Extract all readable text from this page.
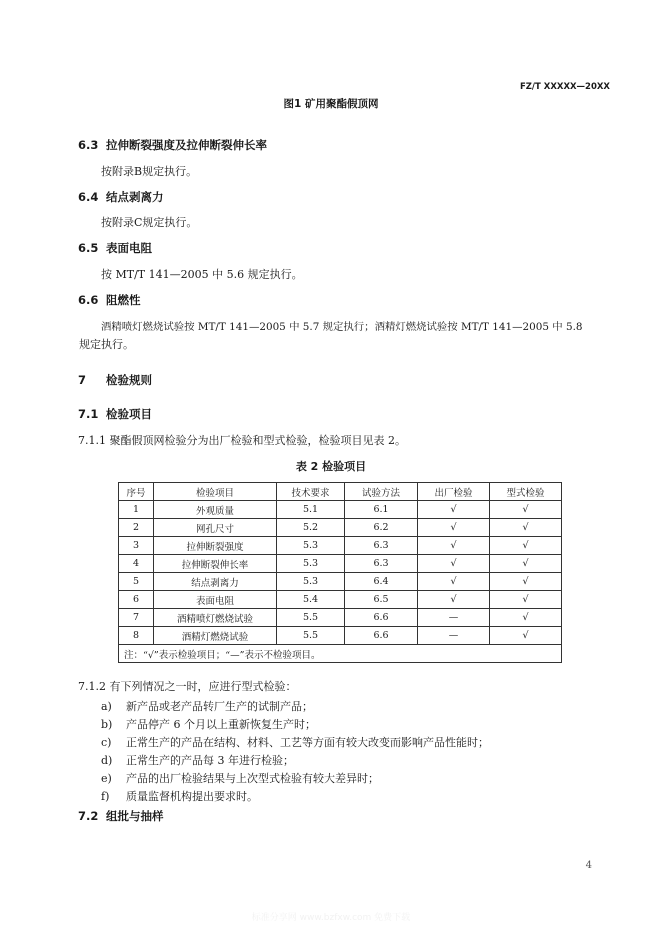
FZ/T XXXXX—20XX
图1 矿用聚酯假顶网
6.3 拉伸断裂强度及拉伸断裂伸长率
按附录B规定执行。
6.4 结点剥离力
按附录C规定执行。
6.5 表面电阻
按 MT/T 141—2005 中 5.6 规定执行。
6.6 阻燃性
酒精喷灯燃烧试验按 MT/T 141—2005 中 5.7 规定执行；酒精灯燃烧试验按 MT/T 141—2005 中 5.8
规定执行。
7 检验规则
7.1 检验项目
7.1.1 聚酯假顶网检验分为出厂检验和型式检验，检验项目见表 2。
表 2 检验项目
序号	检验项目	技术要求	试验方法	出厂检验	型式检验
1	外观质量	5.1	6.1	√	√
2	网孔尺寸	5.2	6.2	√	√
3	拉伸断裂强度	5.3	6.3	√	√
4	拉伸断裂伸长率	5.3	6.3	√	√
5	结点剥离力	5.3	6.4	√	√
6	表面电阻	5.4	6.5	√	√
7	酒精喷灯燃烧试验	5.5	6.6	—	√
8	酒精灯燃烧试验	5.5	6.6	—	√
注：“√”表示检验项目；“—”表示不检验项目。					
7.1.2 有下列情况之一时，应进行型式检验：
a) 新产品或老产品转厂生产的试制产品；
b) 产品停产 6 个月以上重新恢复生产时；
c) 正常生产的产品在结构、材料、工艺等方面有较大改变而影响产品性能时；
d) 正常生产的产品每 3 年进行检验；
e) 产品的出厂检验结果与上次型式检验有较大差异时；
f) 质量监督机构提出要求时。
7.2 组批与抽样
4
标准分享网 www.bzfxw.com 免费下载
